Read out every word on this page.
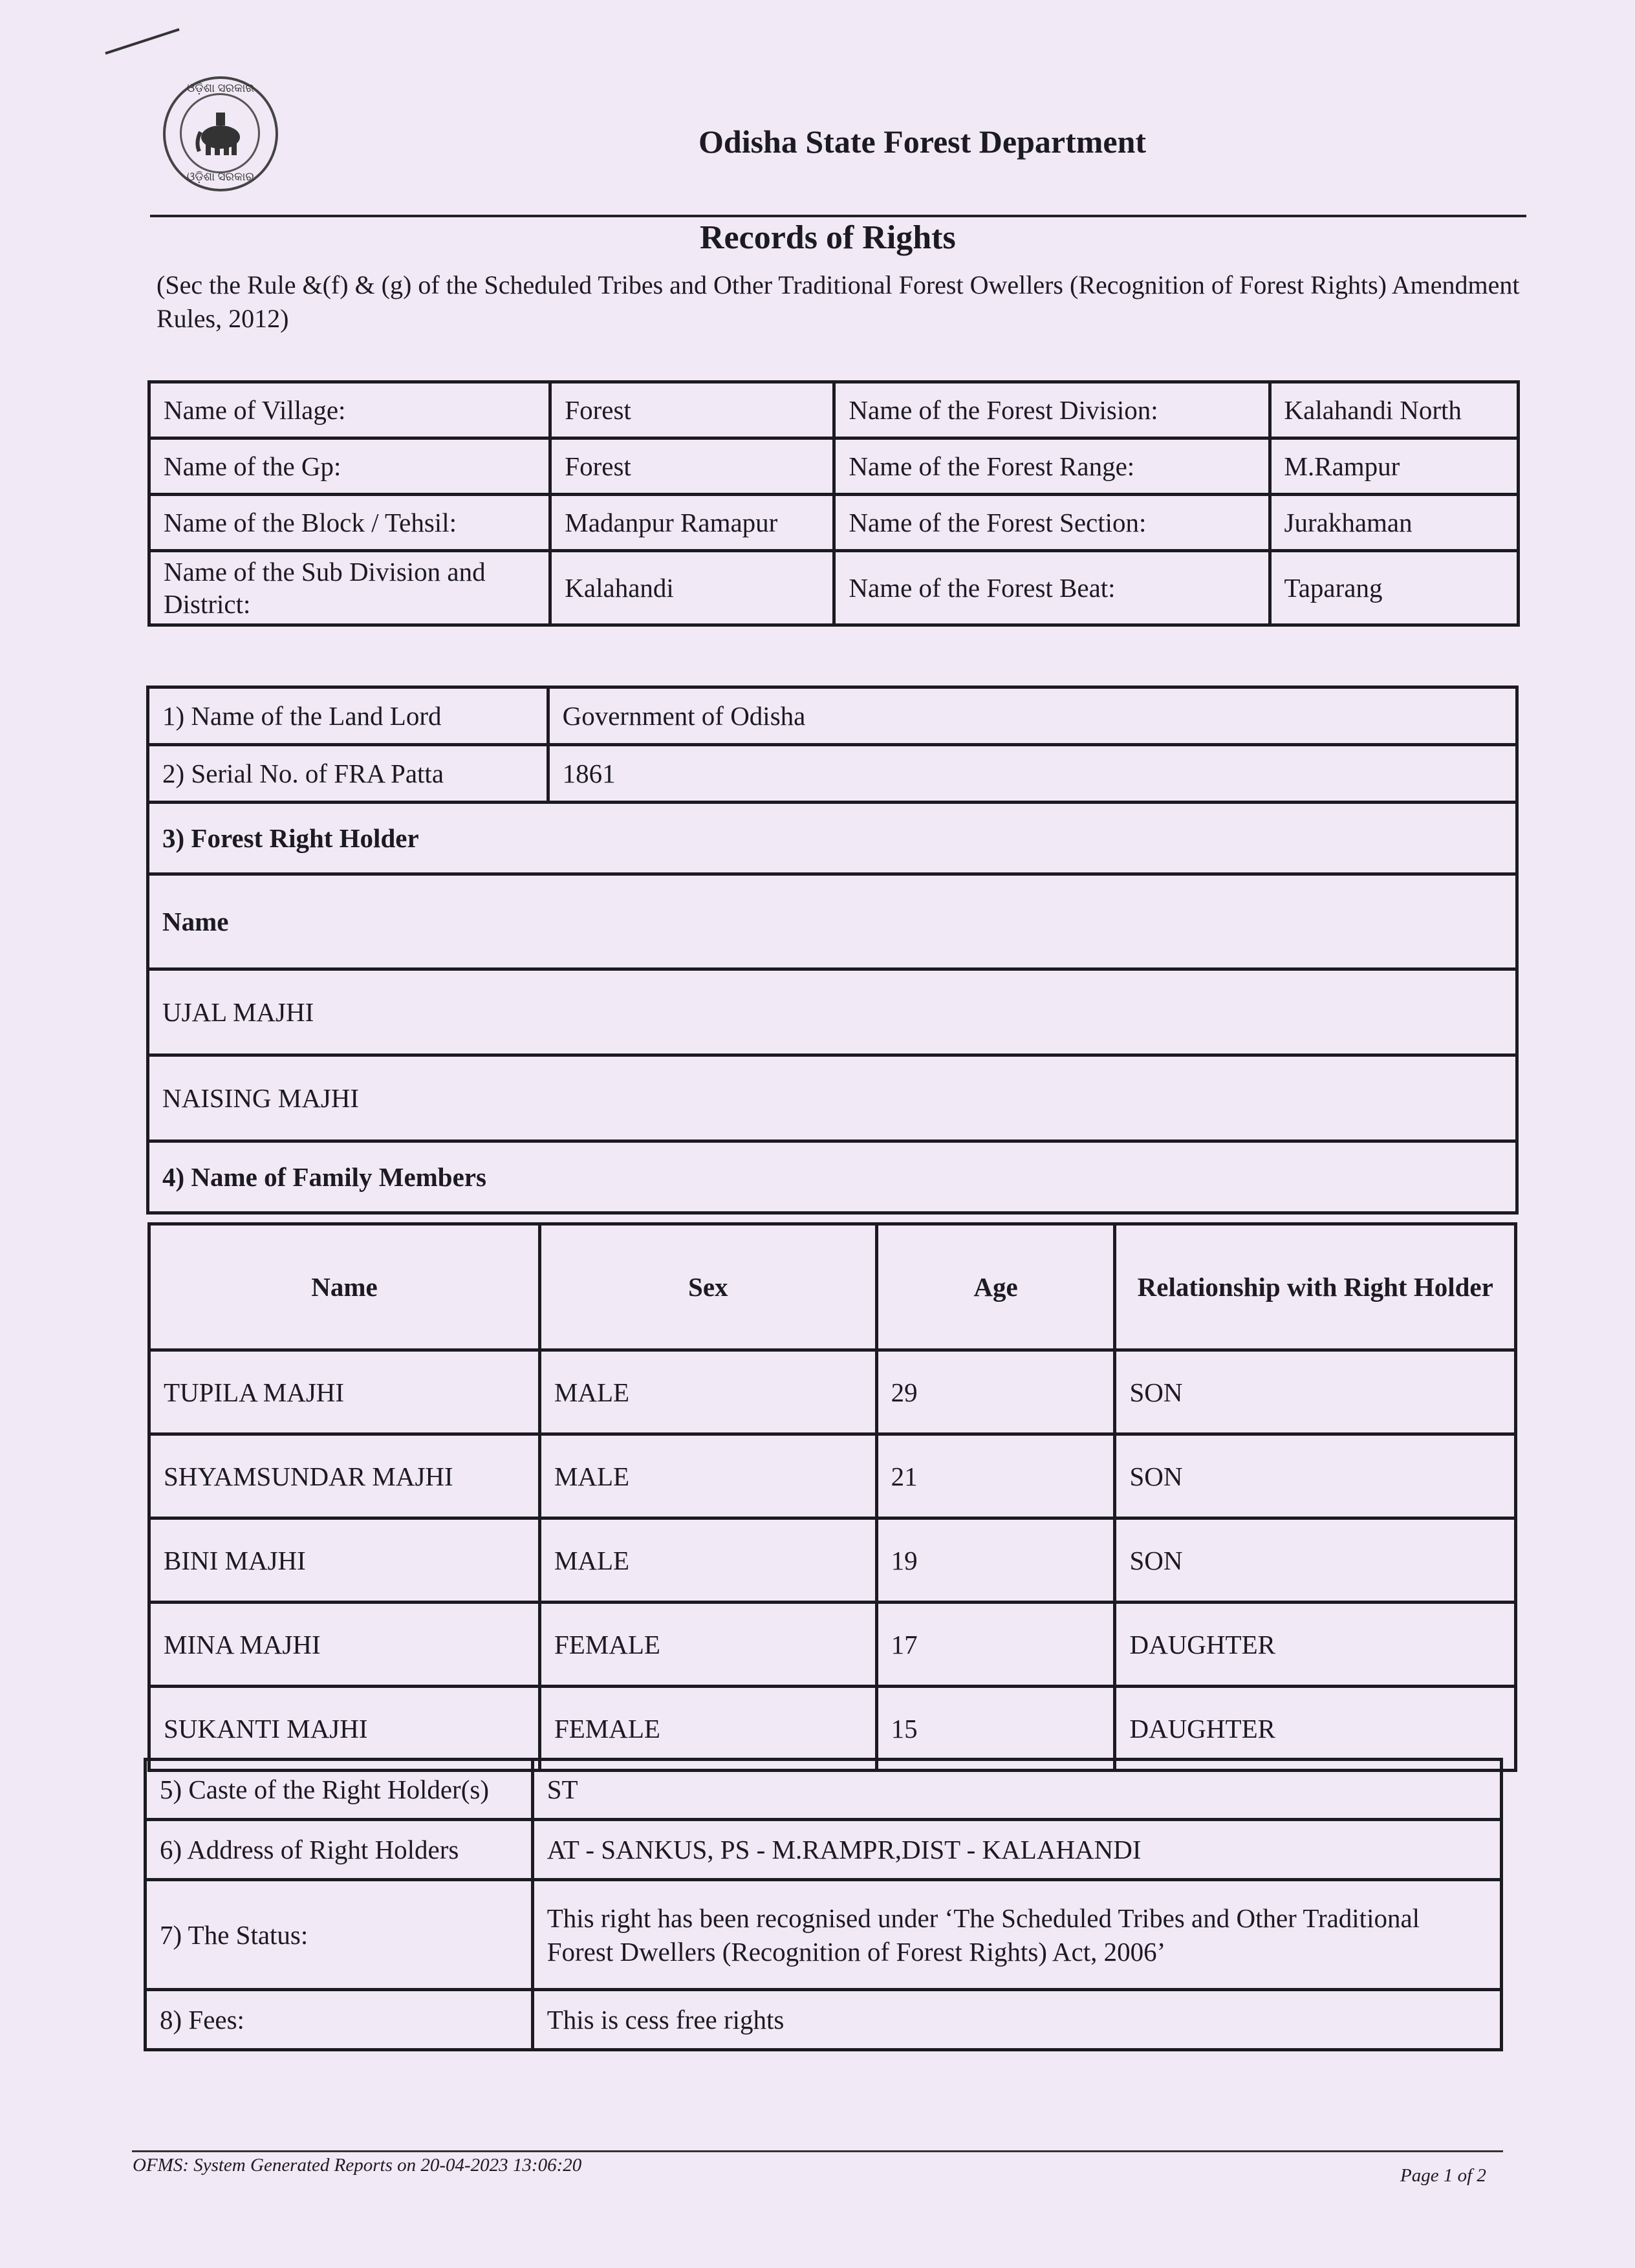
ଓଡ଼ିଶା ସରକାର
ଓଡ଼ିଶା ସରକାର
Odisha State Forest Department
Records of Rights
(Sec the Rule &(f) & (g) of the Scheduled Tribes and Other Traditional Forest Owellers (Recognition of Forest Rights) Amendment Rules, 2012)
Name of Village:	Forest	Name of the Forest Division:	Kalahandi North
Name of the Gp:	Forest	Name of the Forest Range:	M.Rampur
Name of the Block / Tehsil:	Madanpur Ramapur	Name of the Forest Section:	Jurakhaman
Name of the Sub Division and District:	Kalahandi	Name of the Forest Beat:	Taparang
1) Name of the Land Lord	Government of Odisha
2) Serial No. of FRA Patta	1861
3) Forest Right Holder	
Name	
UJAL MAJHI	
NAISING MAJHI	
4) Name of Family Members	
Name	Sex	Age	Relationship with Right Holder
TUPILA MAJHI	MALE	29	SON
SHYAMSUNDAR MAJHI	MALE	21	SON
BINI MAJHI	MALE	19	SON
MINA MAJHI	FEMALE	17	DAUGHTER
SUKANTI MAJHI	FEMALE	15	DAUGHTER
5) Caste of the Right Holder(s)	ST
6) Address of Right Holders	AT - SANKUS, PS - M.RAMPR,DIST - KALAHANDI
7) The Status:	This right has been recognised under ‘The Scheduled Tribes and Other Traditional
Forest Dwellers (Recognition of Forest Rights) Act, 2006’

8) Fees:	This is cess free rights
OFMS: System Generated Reports on 20-04-2023 13:06:20	Page 1 of 2
